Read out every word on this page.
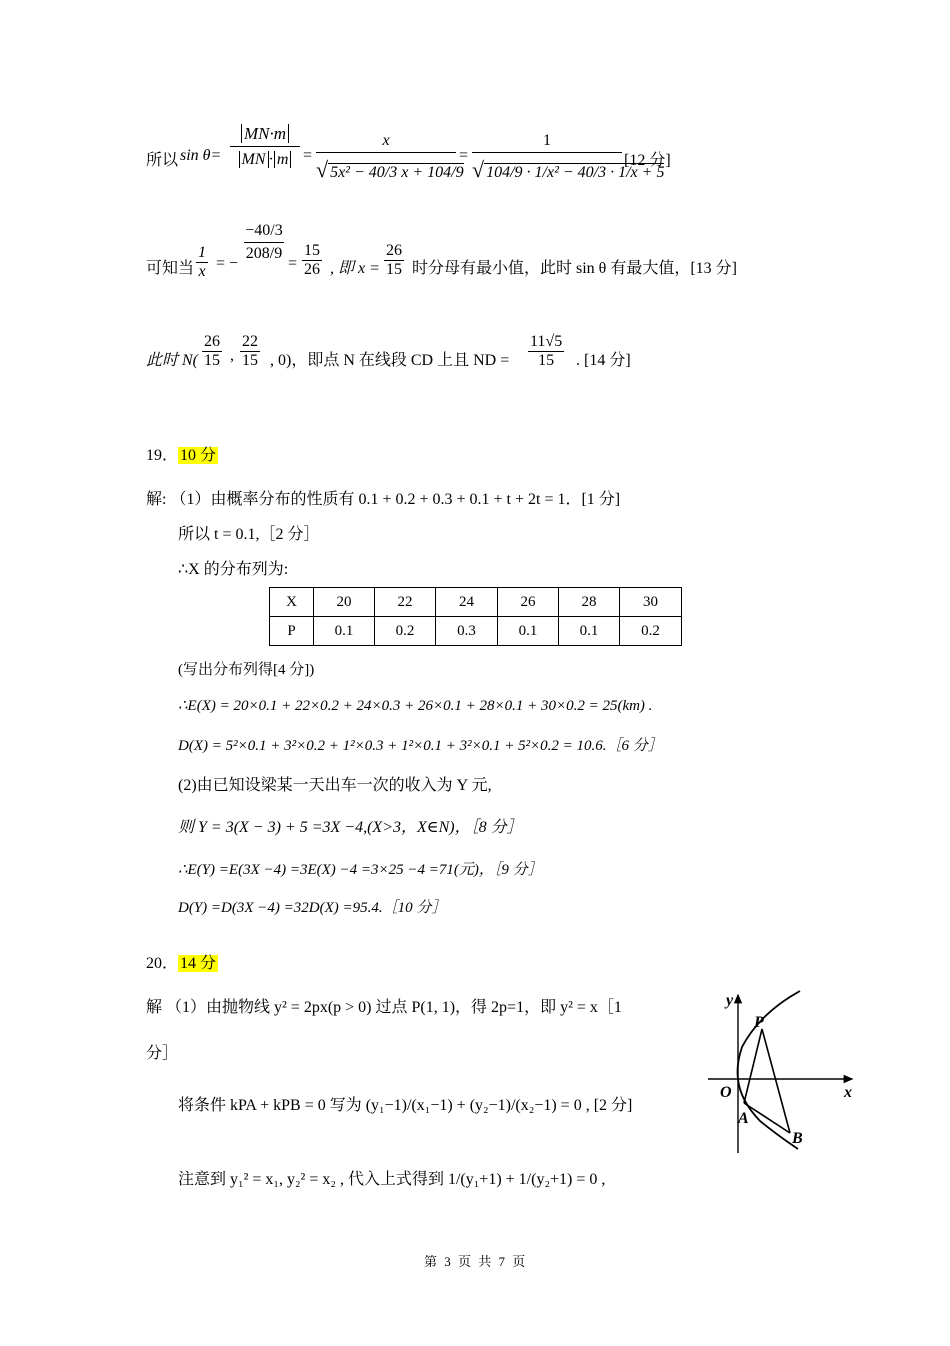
所以 sin θ=
MN·m
MN · m =
x
√ 5x² − 40/3 x + 104/9
=
1
√ 104/9 · 1/x² − 40/3 · 1/x + 5
[12 分]
可知当 $\frac{1}{x}$ = −
$\frac{-40/3}{208/9}$
= $\frac{15}{26}$ , 即 $x = \frac{26}{15}$ 时分母有最小值，此时 sin θ 有最大值，[13 分]
此时 $N( \frac{26}{15}$ , $\frac{22}{15}$ , 0)，即点 N 在线段 CD 上且 ND = $\frac{11√5}{15}$ . [14 分]
19． 10 分
解: （1）由概率分布的性质有 0.1 + 0.2 + 0.3 + 0.1 + t + 2t = 1．[1 分]
所以 t = 0.1,［2 分］
∴X 的分布列为:
X	20	22	24	26	28	30
P	0.1	0.2	0.3	0.1	0.1	0.2
(写出分布列得[4 分])
∴E(X) = 20×0.1 + 22×0.2 + 24×0.3 + 26×0.1 + 28×0.1 + 30×0.2 = 25(km) .
D(X) = 5²×0.1 + 3²×0.2 + 1²×0.3 + 1²×0.1 + 3²×0.1 + 5²×0.2 = 10.6.［6 分］
(2)由已知设梁某一天出车一次的收入为 Y 元,
则 Y = 3(X − 3) + 5 =3X −4,(X>3，X∈N)，［8 分］
∴E(Y) =E(3X −4) =3E(X) −4 =3×25 −4 =71(元)，［9 分］
D(Y) =D(3X −4) =32D(X) =95.4.［10 分］
20． 14 分
解 （1）由抛物线 y² = 2px(p > 0) 过点 P(1, 1)，得 2p=1，即 y² = x［1
分］
将条件 kPA + kPB = 0 写为 (y₁−1)/(x₁−1) + (y₂−1)/(x₂−1) = 0 , [2 分]
注意到 y₁² = x₁, y₂² = x₂ , 代入上式得到 1/(y₁+1) + 1/(y₂+1) = 0 ,
y
x
O
P
A
B
第 3 页 共 7 页
